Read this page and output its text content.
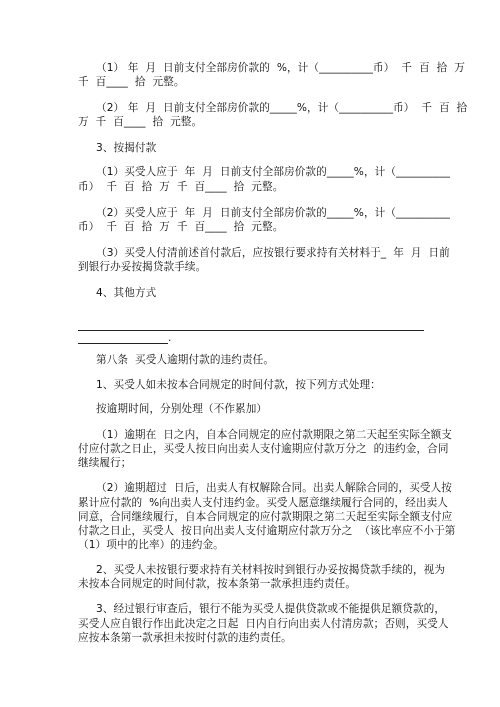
（1） 年  月  日前支付全部房价款的  %，计（__________币）  千  百  拾  万
千  百____  拾  元整。
（2） 年  月  日前支付全部房价款的_____%，计（__________币）  千  百  拾
万  千  百____  拾  元整。
3、按揭付款
（1）买受人应于  年  月  日前支付全部房价款的_____%，计（__________
币）  千  百  拾  万  千  百____  拾  元整。
（2）买受人应于  年  月  日前支付全部房价款的_____%，计（__________
币）  千  百  拾  万  千  百____  拾  元整。
（3）买受人付清前述首付款后，应按银行要求持有关材料于_  年  月  日前
到银行办妥按揭贷款手续。
4、其他方式
.
第八条  买受人逾期付款的违约责任。
1、买受人如未按本合同规定的时间付款，按下列方式处理：
按逾期时间，分别处理（不作累加）
（1）逾期在  日之内，自本合同规定的应付款期限之第二天起至实际全额支
付应付款之日止，买受人按日向出卖人支付逾期应付款万分之  的违约金，合同
继续履行；
（2）逾期超过  日后，出卖人有权解除合同。出卖人解除合同的，买受人按
累计应付款的  %向出卖人支付违约金。买受人愿意继续履行合同的，经出卖人
同意，合同继续履行，自本合同规定的应付款期限之第二天起至实际全额支付应
付款之日止，买受人  按日向出卖人支付逾期应付款万分之  （该比率应不小于第
（1）项中的比率）的违约金。
2、买受人未按银行要求持有关材料按时到银行办妥按揭贷款手续的，视为
未按本合同规定的时间付款，按本条第一款承担违约责任。
3、经过银行审查后，银行不能为买受人提供贷款或不能提供足额贷款的，
买受人应自银行作出此决定之日起  日内自行向出卖人付清房款；否则，买受人
应按本条第一款承担未按时付款的违约责任。
